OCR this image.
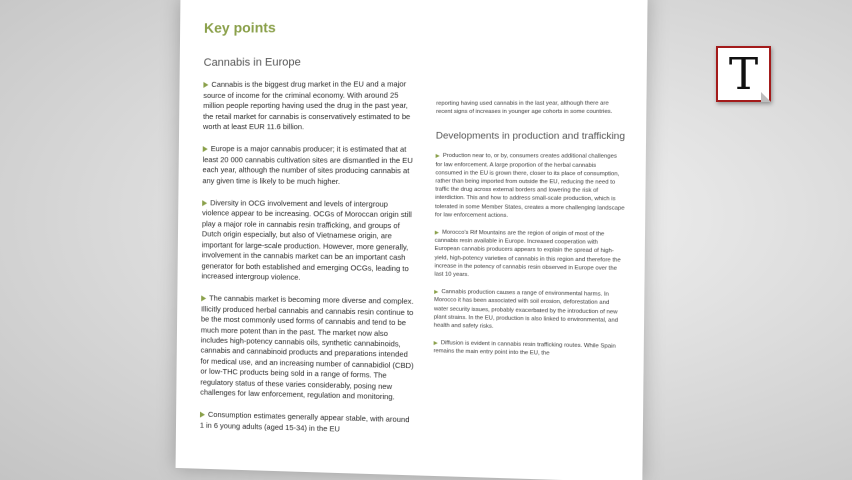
Key points
Cannabis in Europe
Cannabis is the biggest drug market in the EU and a major source of income for the criminal economy. With around 25 million people reporting having used the drug in the past year, the retail market for cannabis is conservatively estimated to be worth at least EUR 11.6 billion.
Europe is a major cannabis producer; it is estimated that at least 20 000 cannabis cultivation sites are dismantled in the EU each year, although the number of sites producing cannabis at any given time is likely to be much higher.
Diversity in OCG involvement and levels of intergroup violence appear to be increasing. OCGs of Moroccan origin still play a major role in cannabis resin trafficking, and groups of Dutch origin especially, but also of Vietnamese origin, are important for large-scale production. However, more generally, involvement in the cannabis market can be an important cash generator for both established and emerging OCGs, leading to increased intergroup violence.
The cannabis market is becoming more diverse and complex. Illicitly produced herbal cannabis and cannabis resin continue to be the most commonly used forms of cannabis and tend to be much more potent than in the past. The market now also includes high-potency cannabis oils, synthetic cannabinoids, cannabis and cannabinoid products and preparations intended for medical use, and an increasing number of cannabidiol (CBD) or low-THC products being sold in a range of forms. The regulatory status of these varies considerably, posing new challenges for law enforcement, regulation and monitoring.
Consumption estimates generally appear stable, with around 1 in 6 young adults (aged 15-34) in the EU
reporting having used cannabis in the last year, although there are recent signs of increases in younger age cohorts in some countries.
Developments in production and trafficking
Production near to, or by, consumers creates additional challenges for law enforcement. A large proportion of the herbal cannabis consumed in the EU is grown there, closer to its place of consumption, rather than being imported from outside the EU, reducing the need to traffic the drug across external borders and lowering the risk of interdiction. This and how to address small-scale production, which is tolerated in some Member States, creates a more challenging landscape for law enforcement actions.
Morocco's Rif Mountains are the region of origin of most of the cannabis resin available in Europe. Increased cooperation with European cannabis producers appears to explain the spread of high-yield, high-potency varieties of cannabis in this region and therefore the increase in the potency of cannabis resin observed in Europe over the last 10 years.
Cannabis production causes a range of environmental harms. In Morocco it has been associated with soil erosion, deforestation and water security issues, probably exacerbated by the introduction of new plant strains. In the EU, production is also linked to environmental, and health and safety risks.
Diffusion is evident in cannabis resin trafficking routes. While Spain remains the main entry point into the EU, the
T
